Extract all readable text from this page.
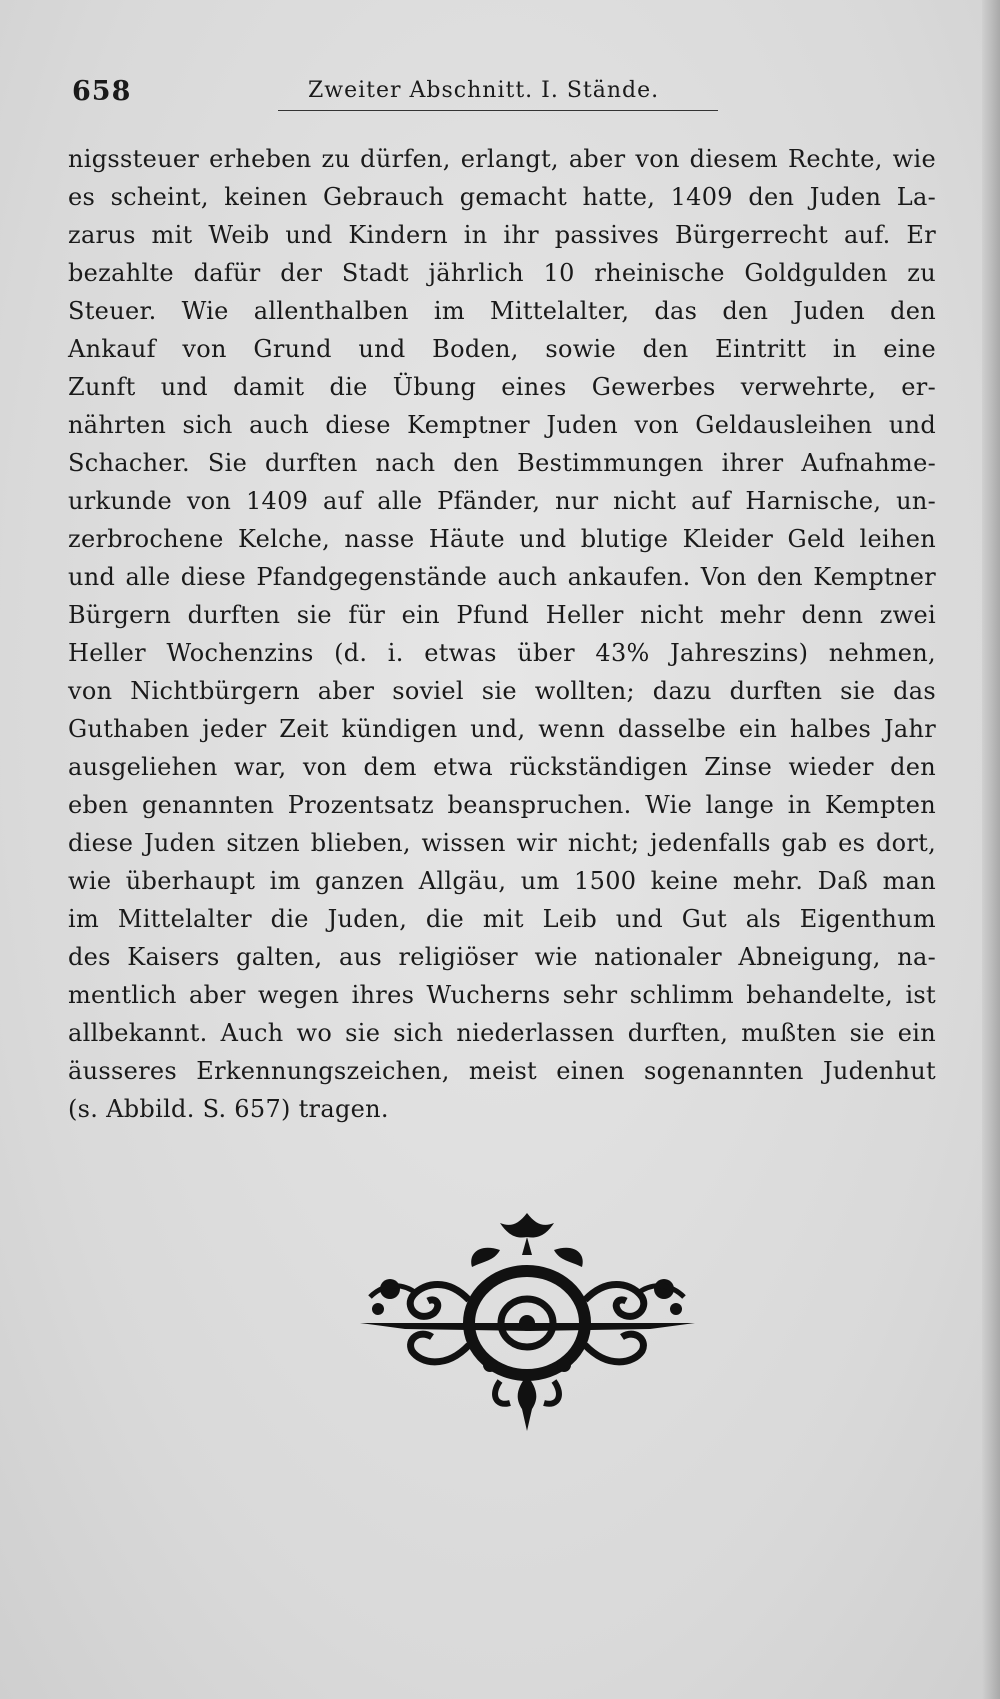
658	Zweiter Abschnitt. I. Stände.
nigssteuer erheben zu dürfen, erlangt, aber von diesem Rechte, wie
es scheint, keinen Gebrauch gemacht hatte, 1409 den Juden La-
zarus mit Weib und Kindern in ihr passives Bürgerrecht auf. Er
bezahlte dafür der Stadt jährlich 10 rheinische Goldgulden zu
Steuer. Wie allenthalben im Mittelalter, das den Juden den
Ankauf von Grund und Boden, sowie den Eintritt in eine
Zunft und damit die Übung eines Gewerbes verwehrte, er-
nährten sich auch diese Kemptner Juden von Geldausleihen und
Schacher. Sie durften nach den Bestimmungen ihrer Aufnahme-
urkunde von 1409 auf alle Pfänder, nur nicht auf Harnische, un-
zerbrochene Kelche, nasse Häute und blutige Kleider Geld leihen
und alle diese Pfandgegenstände auch ankaufen. Von den Kemptner
Bürgern durften sie für ein Pfund Heller nicht mehr denn zwei
Heller Wochenzins (d. i. etwas über 43% Jahreszins) nehmen,
von Nichtbürgern aber soviel sie wollten; dazu durften sie das
Guthaben jeder Zeit kündigen und, wenn dasselbe ein halbes Jahr
ausgeliehen war, von dem etwa rückständigen Zinse wieder den
eben genannten Prozentsatz beanspruchen. Wie lange in Kempten
diese Juden sitzen blieben, wissen wir nicht; jedenfalls gab es dort,
wie überhaupt im ganzen Allgäu, um 1500 keine mehr. Daß man
im Mittelalter die Juden, die mit Leib und Gut als Eigenthum
des Kaisers galten, aus religiöser wie nationaler Abneigung, na-
mentlich aber wegen ihres Wucherns sehr schlimm behandelte, ist
allbekannt. Auch wo sie sich niederlassen durften, mußten sie ein
äusseres Erkennungszeichen, meist einen sogenannten Judenhut
(s. Abbild. S. 657) tragen.
